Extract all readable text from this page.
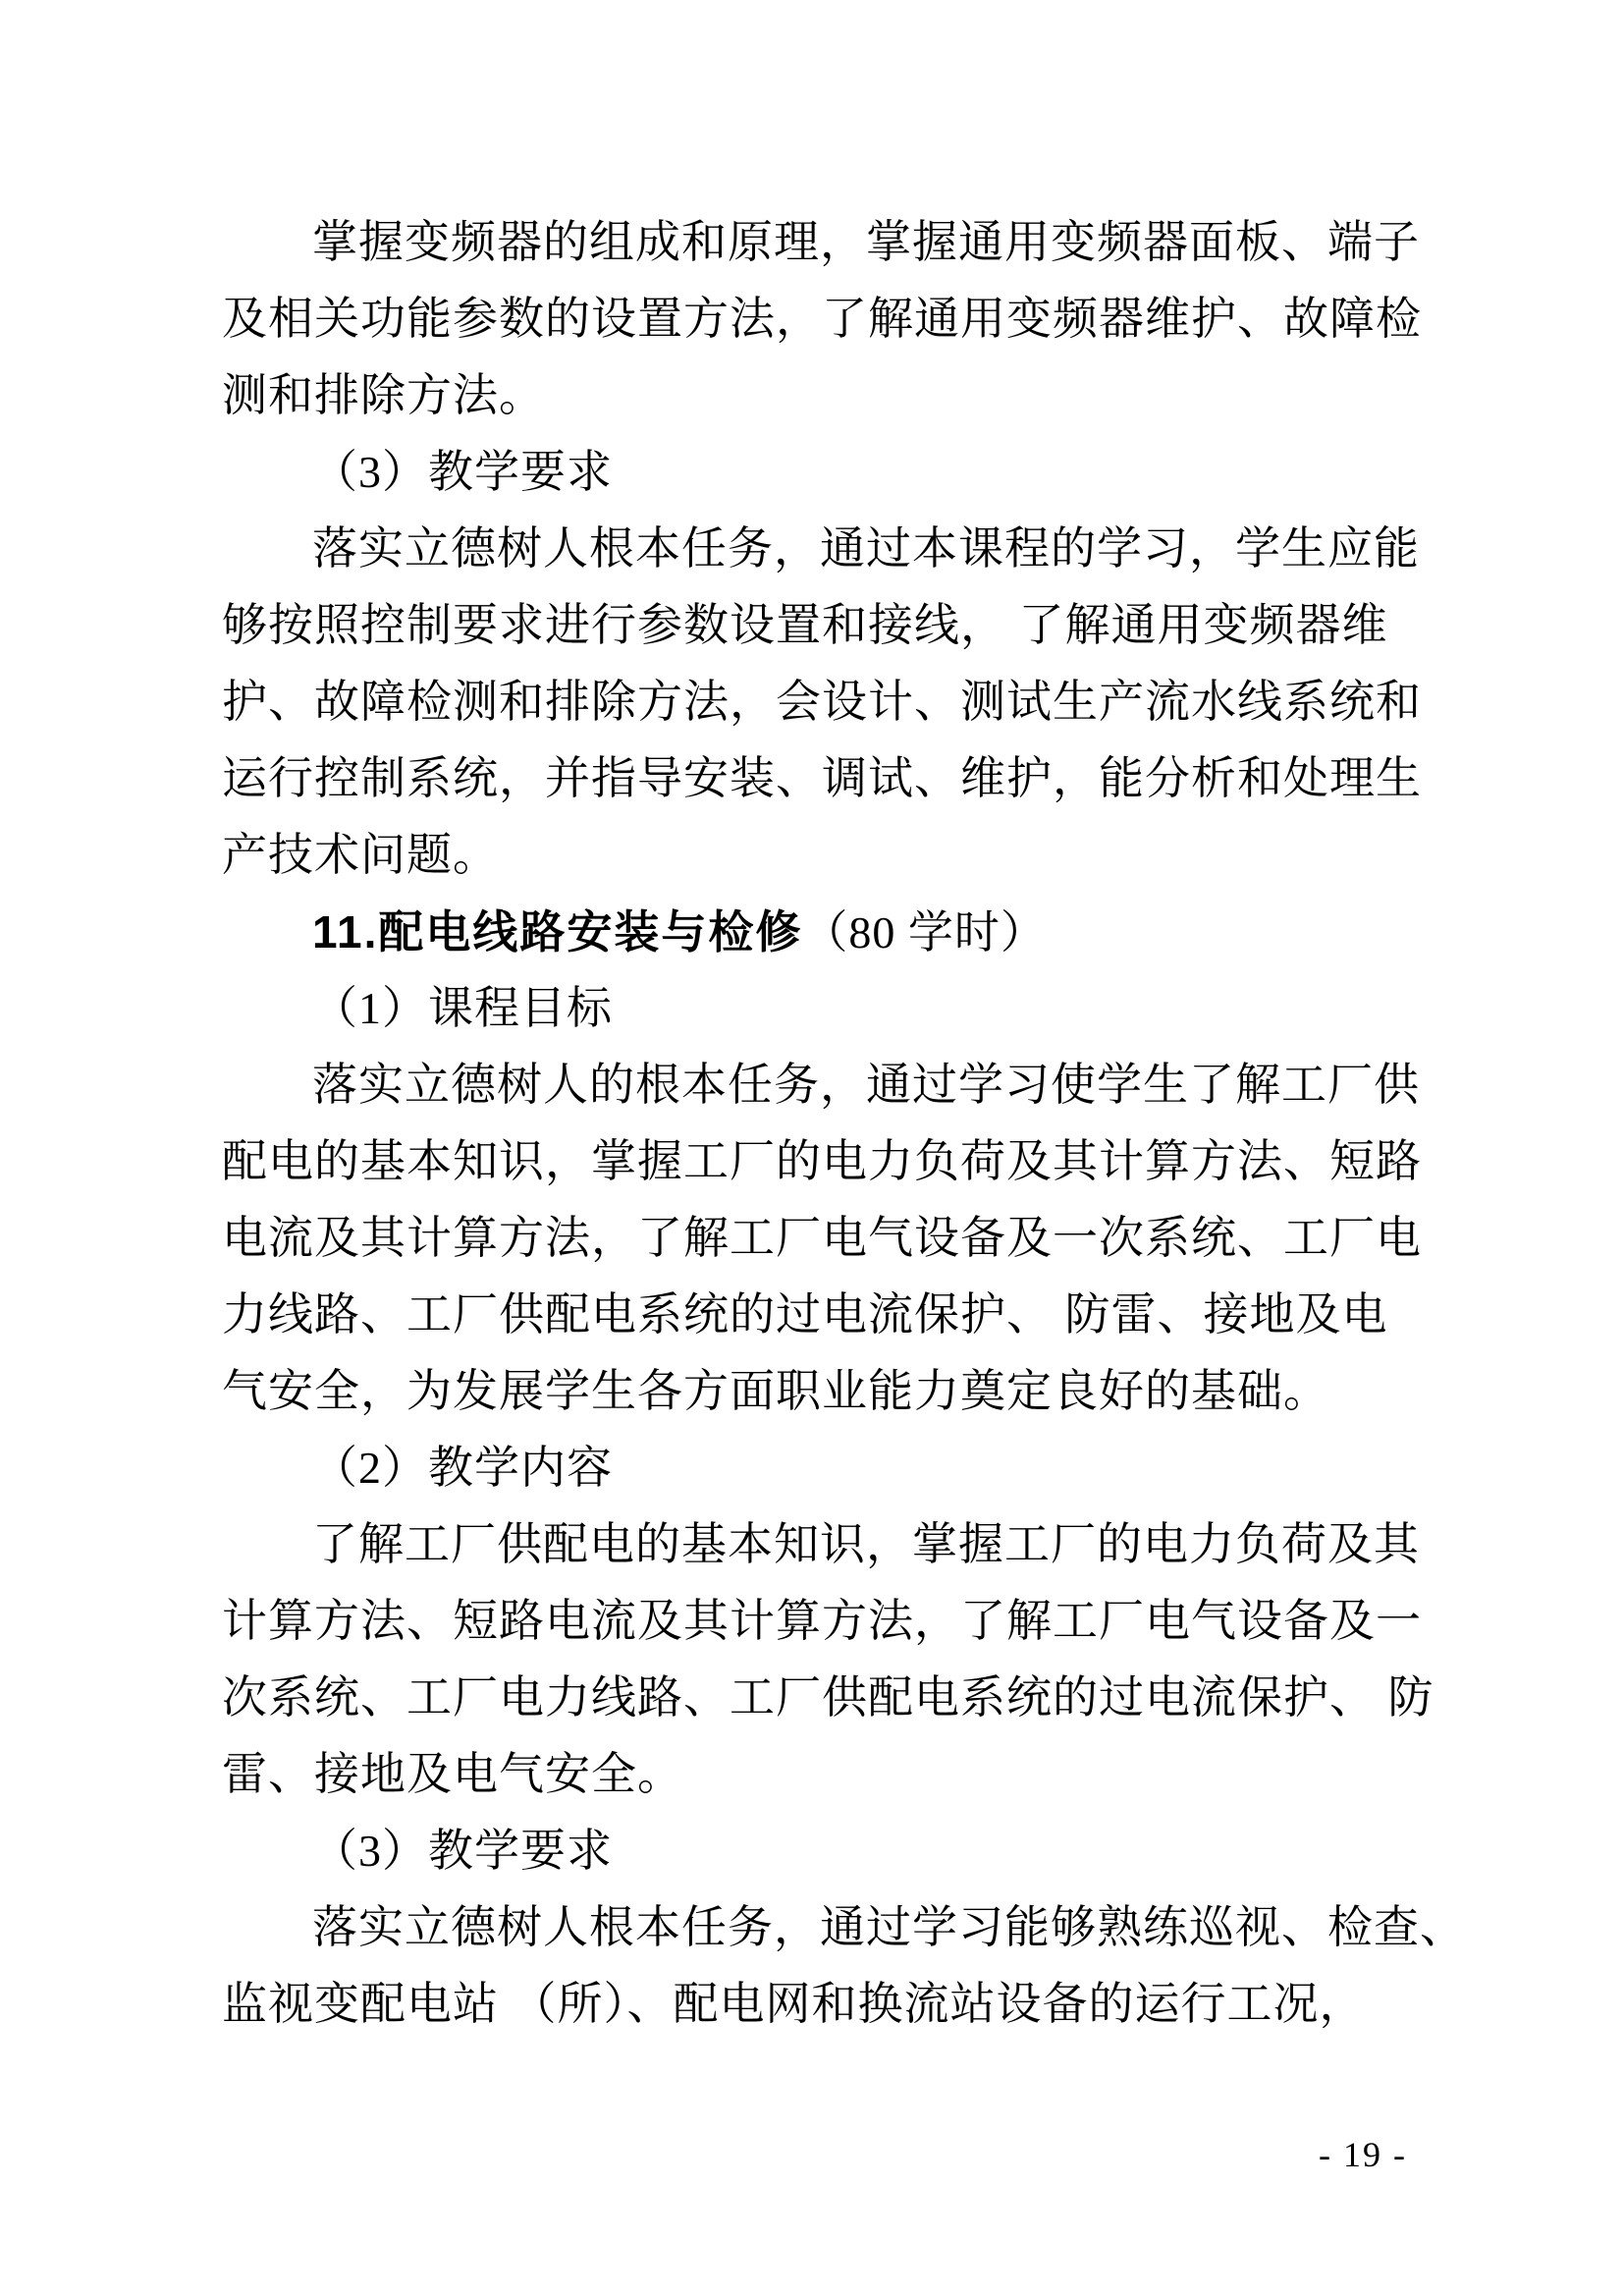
掌握变频器的组成和原理，掌握通用变频器面板、端子
及相关功能参数的设置方法，了解通用变频器维护、故障检
测和排除方法。
（3）教学要求
落实立德树人根本任务，通过本课程的学习，学生应能
够按照控制要求进行参数设置和接线， 了解通用变频器维
护、故障检测和排除方法，会设计、测试生产流水线系统和
运行控制系统，并指导安装、调试、维护，能分析和处理生
产技术问题。
11.配电线路安装与检修（80 学时）
（1）课程目标
落实立德树人的根本任务，通过学习使学生了解工厂供
配电的基本知识，掌握工厂的电力负荷及其计算方法、短路
电流及其计算方法，了解工厂电气设备及一次系统、工厂电
力线路、工厂供配电系统的过电流保护、 防雷、接地及电
气安全，为发展学生各方面职业能力奠定良好的基础。
（2）教学内容
了解工厂供配电的基本知识，掌握工厂的电力负荷及其
计算方法、短路电流及其计算方法，了解工厂电气设备及一
次系统、工厂电力线路、工厂供配电系统的过电流保护、 防
雷、接地及电气安全。
（3）教学要求
落实立德树人根本任务，通过学习能够熟练巡视、检查、
监视变配电站 （所）、配电网和换流站设备的运行工况，
- 19 -
